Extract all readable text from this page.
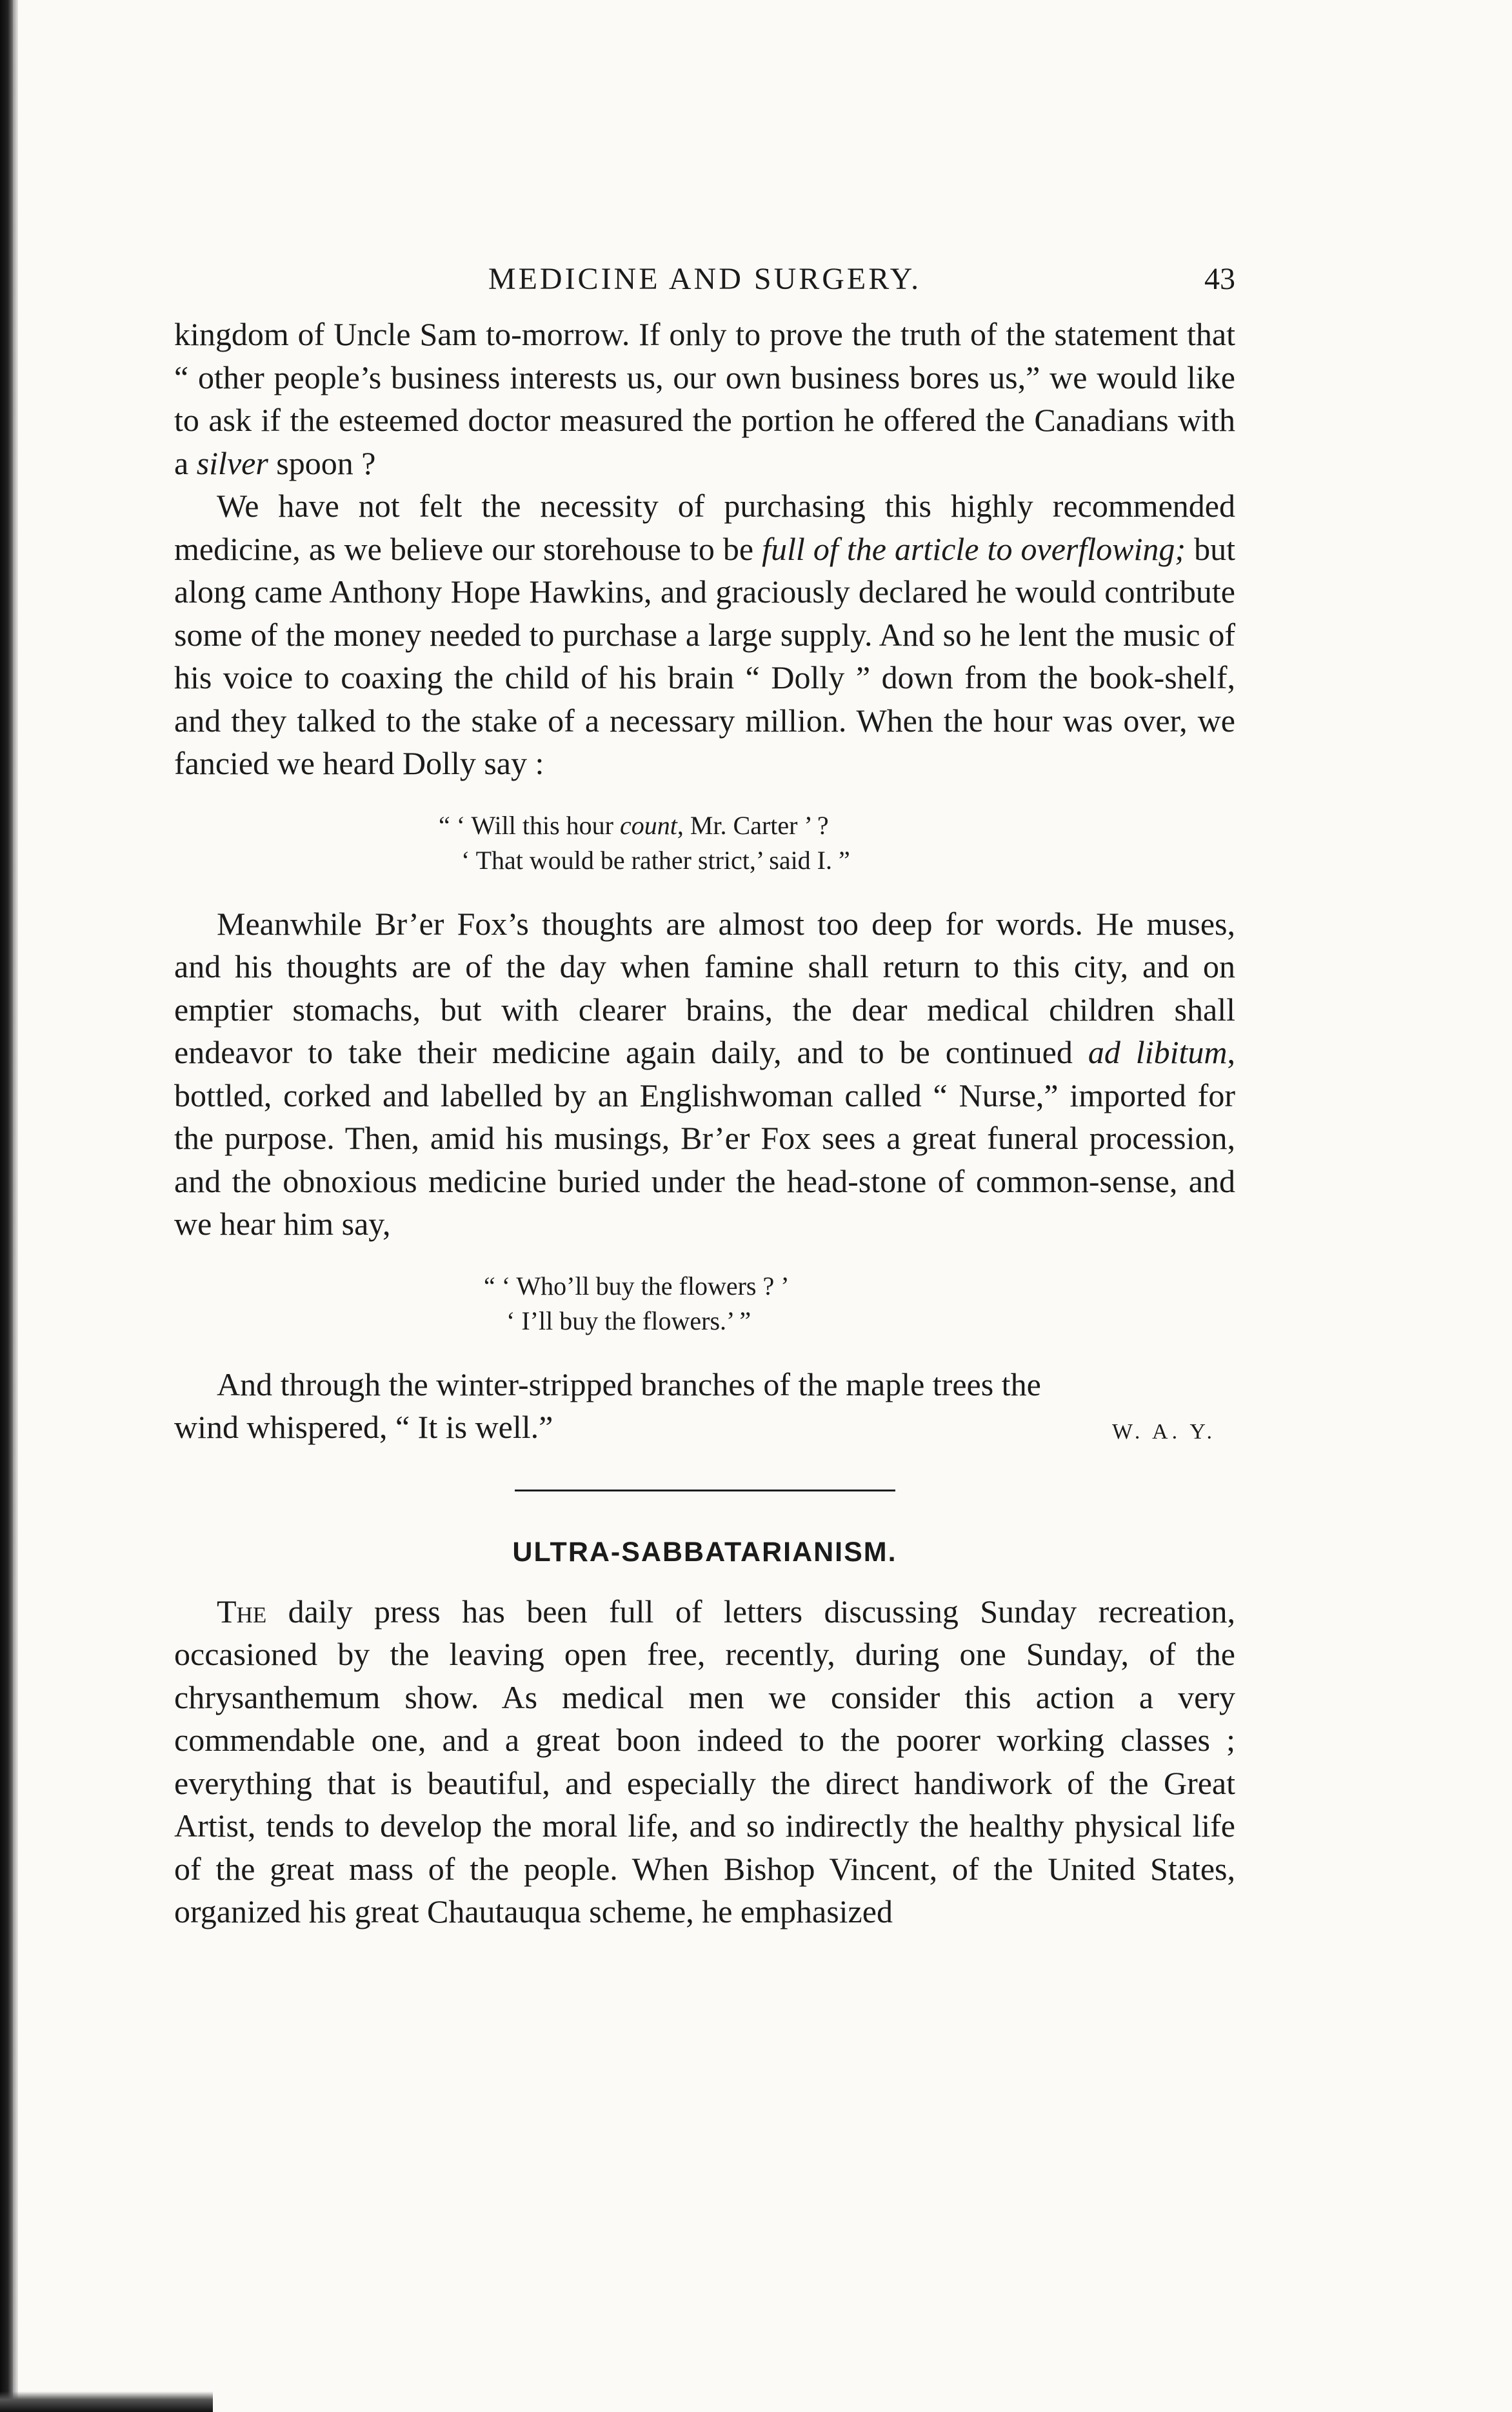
MEDICINE AND SURGERY.	43

kingdom of Uncle Sam to-morrow. If only to prove the truth of the statement that “ other people’s business interests us, our own business bores us,” we would like to ask if the esteemed doctor measured the portion he offered the Canadians with a silver spoon ?

We have not felt the necessity of purchasing this highly recommended medicine, as we believe our storehouse to be full of the article to overflowing; but along came Anthony Hope Hawkins, and graciously declared he would contribute some of the money needed to purchase a large supply. And so he lent the music of his voice to coaxing the child of his brain “ Dolly ” down from the book-shelf, and they talked to the stake of a necessary million. When the hour was over, we fancied we heard Dolly say :

“ ‘ Will this hour count, Mr. Carter ’ ?
‘ That would be rather strict,’ said I. ”

Meanwhile Br’er Fox’s thoughts are almost too deep for words. He muses, and his thoughts are of the day when famine shall return to this city, and on emptier stomachs, but with clearer brains, the dear medical children shall endeavor to take their medicine again daily, and to be continued ad libitum, bottled, corked and labelled by an Englishwoman called “ Nurse,” imported for the purpose. Then, amid his musings, Br’er Fox sees a great funeral procession, and the obnoxious medicine buried under the head-stone of common-sense, and we hear him say,

“ ‘ Who’ll buy the flowers ? ’
‘ I’ll buy the flowers.’ ”

And through the winter-stripped branches of the maple trees the

wind whispered, “ It is well.”	W. A. Y.
ULTRA-SABBATARIANISM.

The daily press has been full of letters discussing Sunday recreation, occasioned by the leaving open free, recently, during one Sunday, of the chrysanthemum show. As medical men we consider this action a very commendable one, and a great boon indeed to the poorer working classes ; everything that is beautiful, and especially the direct handiwork of the Great Artist, tends to develop the moral life, and so indirectly the healthy physical life of the great mass of the people. When Bishop Vincent, of the United States, organized his great Chautauqua scheme, he emphasized
